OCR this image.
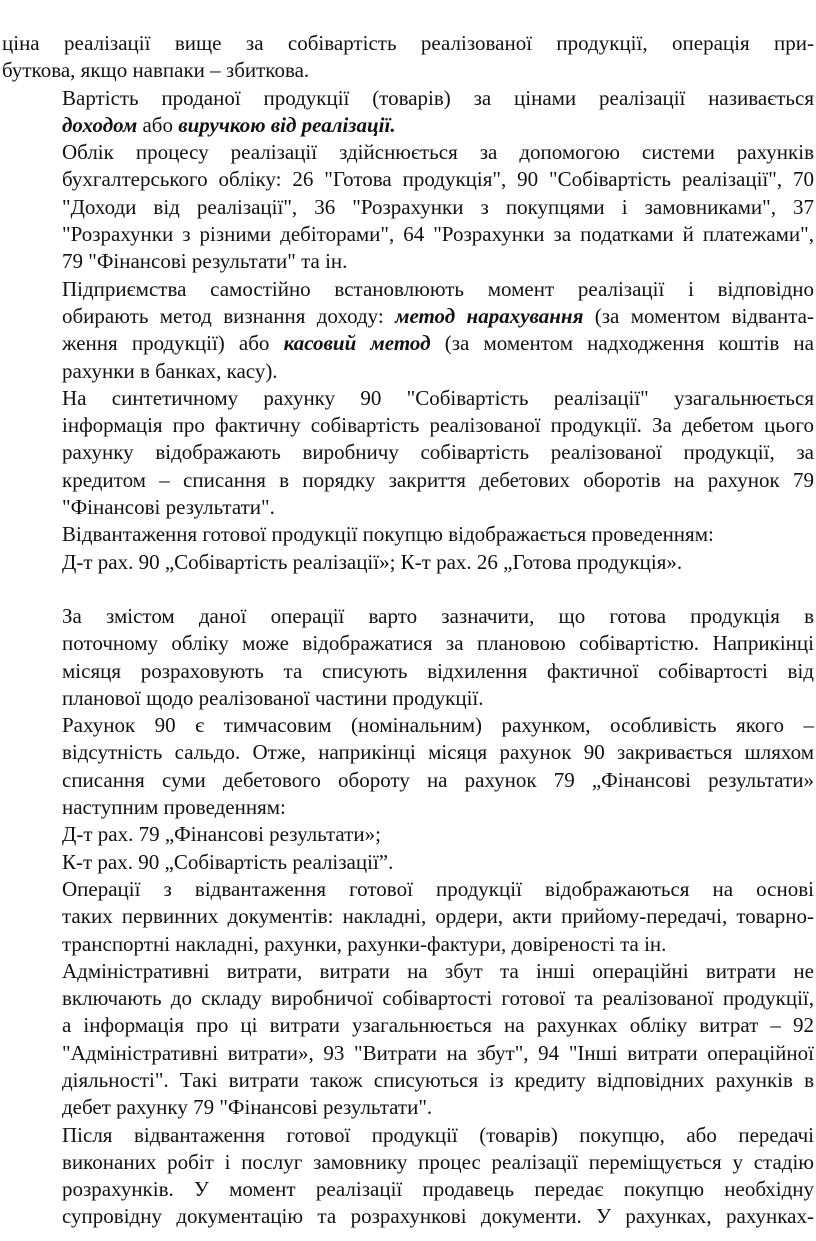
ціна реалізації вище за собівартість реалізованої продукції, операція при-
буткова, якщо навпаки – збиткова.

Вартість проданої продукції (товарів) за цінами реалізації називається
доходом або виручкою від реалізації.

Облік процесу реалізації здійснюється за допомогою системи рахунків
бухгалтерського обліку: 26 "Готова продукція", 90 "Собівартість реалізації", 70
"Доходи від реалізації", 36 "Розрахунки з покупцями і замовниками", 37
"Розрахунки з різними дебіторами", 64 "Розрахунки за податками й платежами",
79 "Фінансові результати" та ін.

Підприємства самостійно встановлюють момент реалізації і відповідно
обирають метод визнання доходу: метод нарахування (за моментом відванта-
ження продукції) або касовий метод (за моментом надходження коштів на
рахунки в банках, касу).

На синтетичному рахунку 90 "Собівартість реалізації" узагальнюється
інформація про фактичну собівартість реалізованої продукції. За дебетом цього
рахунку відображають виробничу собівартість реалізованої продукції, за
кредитом – списання в порядку закриття дебетових оборотів на рахунок 79
"Фінансові результати".

Відвантаження готової продукції покупцю відображається проведенням:

Д-т рах. 90 „Собівартість реалізації»; К-т рах. 26 „Готова продукція».

За змістом даної операції варто зазначити, що готова продукція в
поточному обліку може відображатися за плановою собівартістю. Наприкінці
місяця розраховують та списують відхилення фактичної собівартості від
планової щодо реалізованої частини продукції.

Рахунок 90 є тимчасовим (номінальним) рахунком, особливість якого –
відсутність сальдо. Отже, наприкінці місяця рахунок 90 закривається шляхом
списання суми дебетового обороту на рахунок 79 „Фінансові результати»
наступним проведенням:

Д-т рах. 79 „Фінансові результати»;

К-т рах. 90 „Собівартість реалізації”.

Операції з відвантаження готової продукції відображаються на основі
таких первинних документів: накладні, ордери, акти прийому-передачі, товарно-
транспортні накладні, рахунки, рахунки-фактури, довіреності та ін.

Адміністративні витрати, витрати на збут та інші операційні витрати не
включають до складу виробничої собівартості готової та реалізованої продукції,
а інформація про ці витрати узагальнюється на рахунках обліку витрат – 92
"Адміністративні витрати», 93 "Витрати на збут", 94 "Інші витрати операційної
діяльності". Такі витрати також списуються із кредиту відповідних рахунків в
дебет рахунку 79 "Фінансові результати".

Після відвантаження готової продукції (товарів) покупцю, або передачі
виконаних робіт і послуг замовнику процес реалізації переміщується у стадію
розрахунків. У момент реалізації продавець передає покупцю необхідну
супровідну документацію та розрахункові документи. У рахунках, рахунках-
